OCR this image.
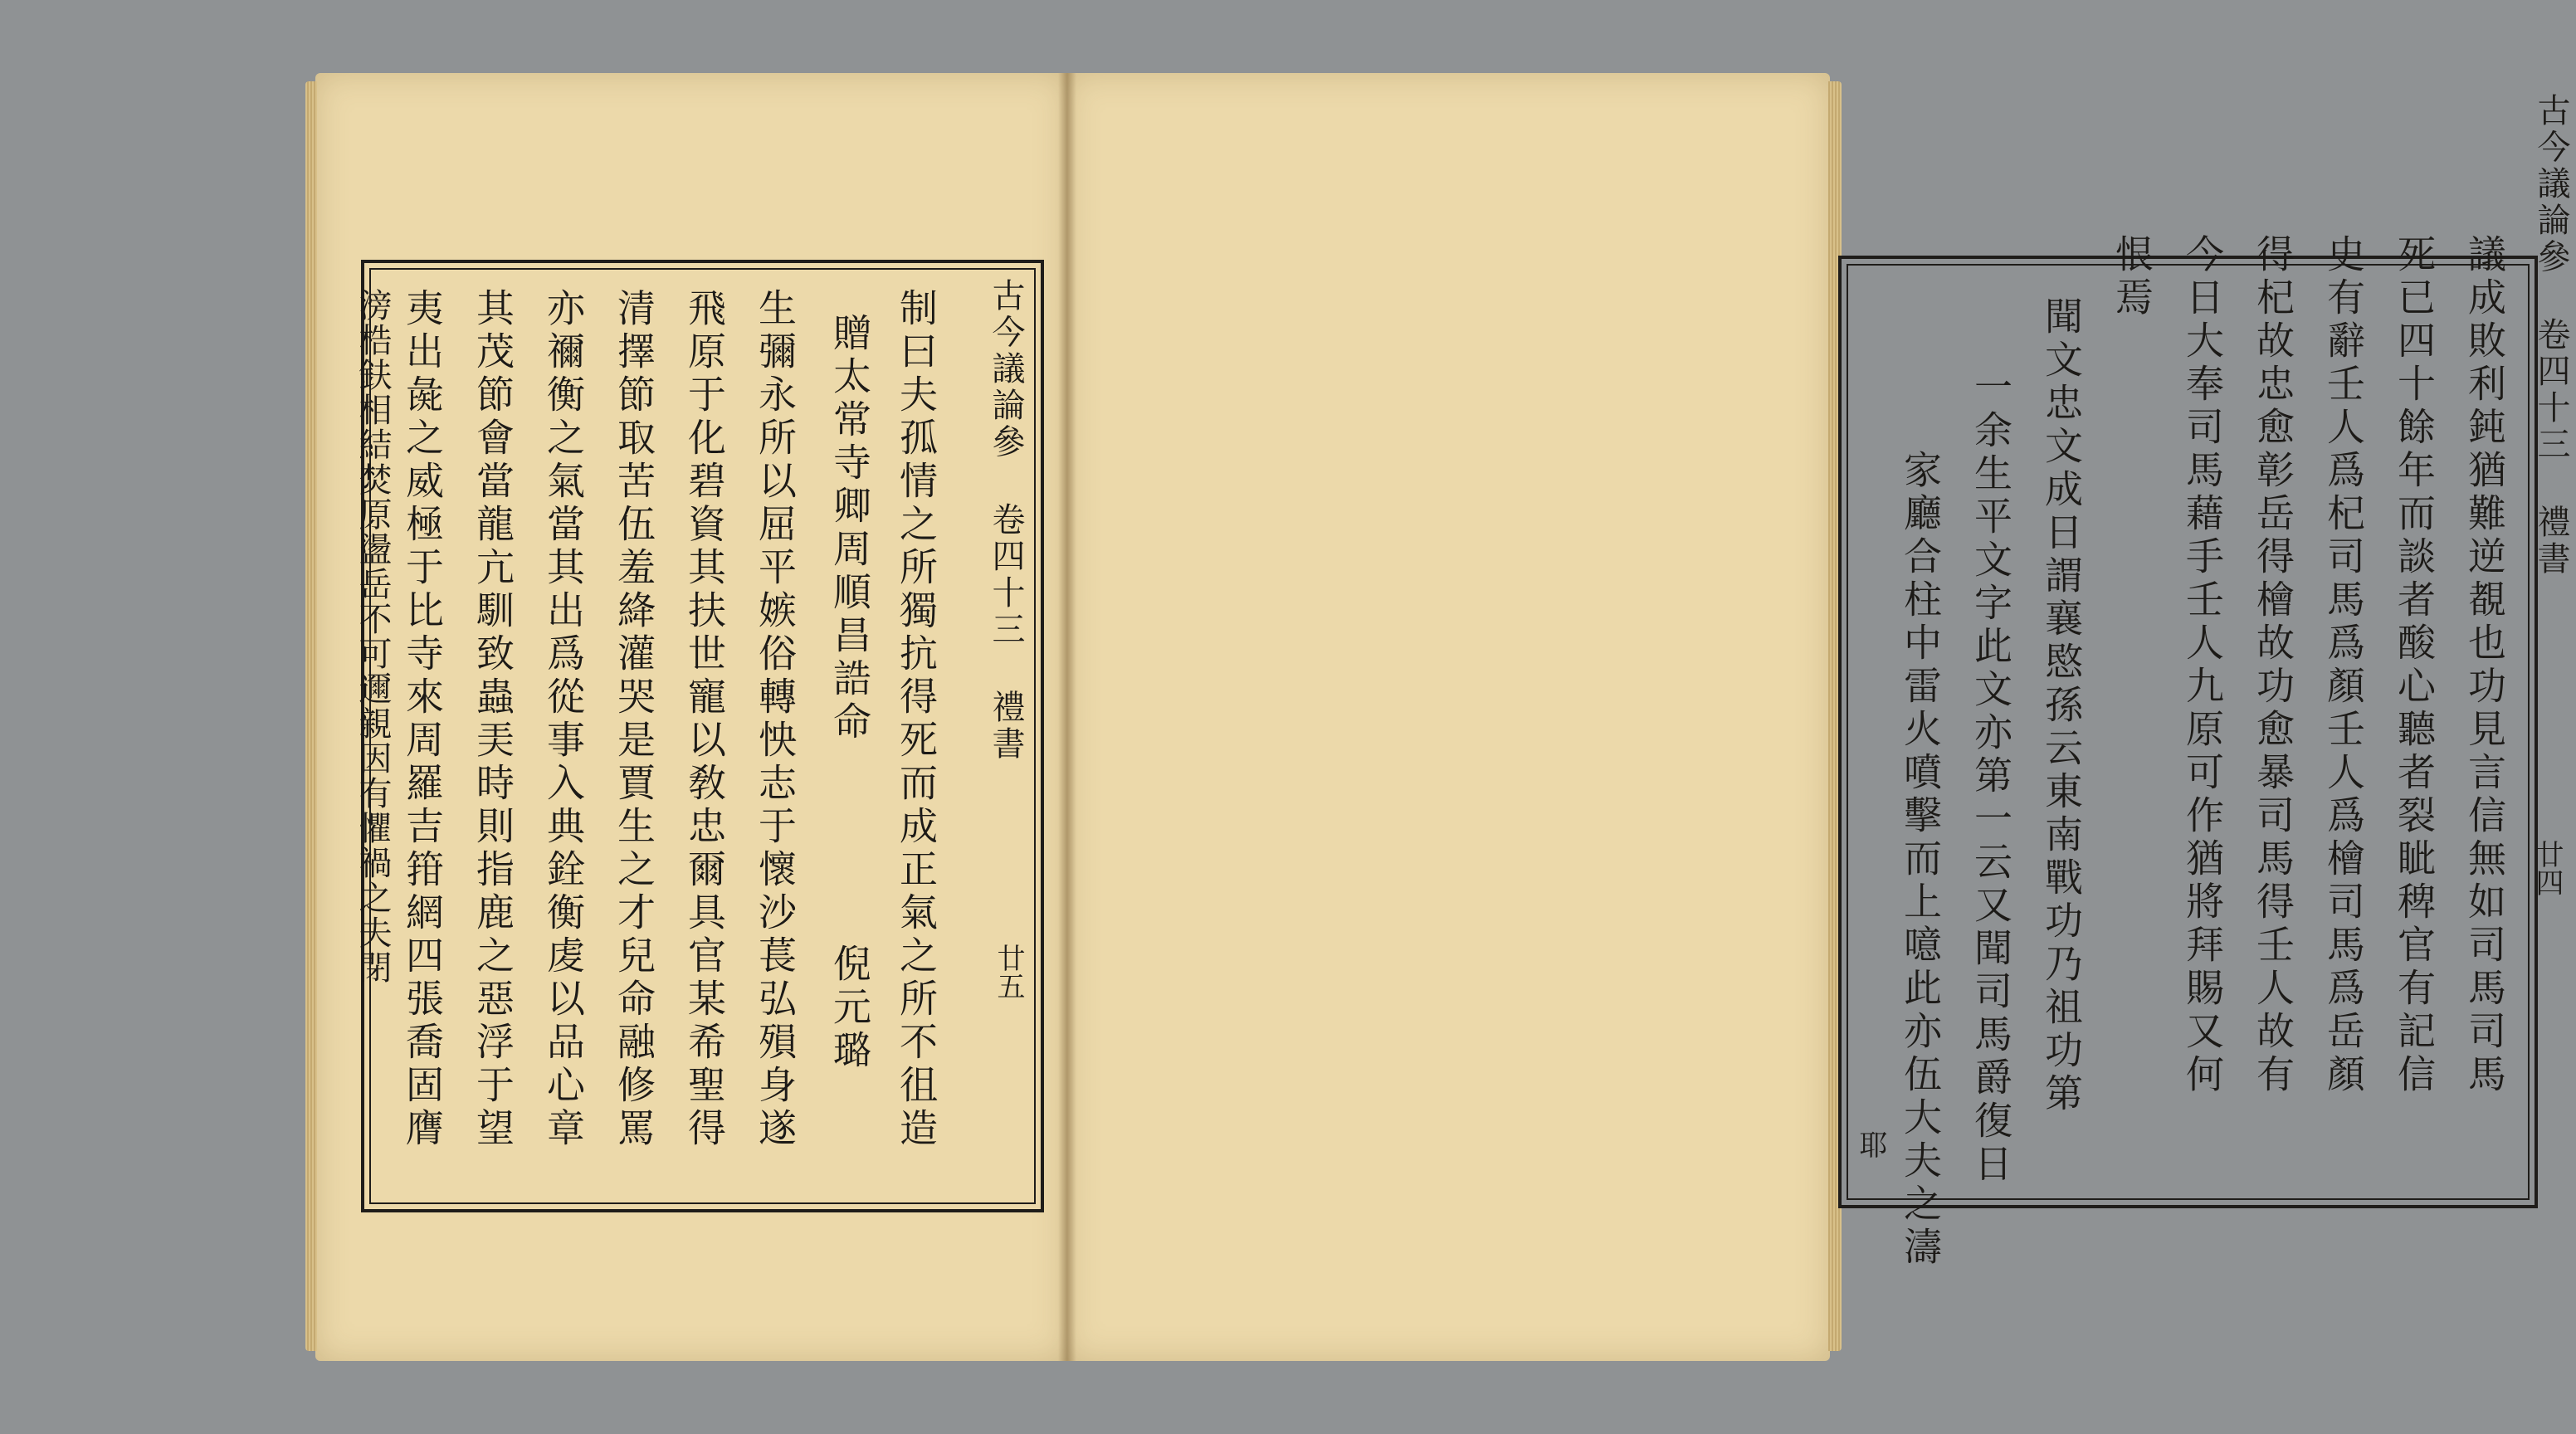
古今議論參 卷四十三 禮書
廿五
制曰夫孤情之所獨抗得死而成正氣之所不徂造
贈太常寺卿周順昌誥命
倪元璐
生彌永所以屈平嫉俗轉怏志于懷沙萇弘殞身遂
飛原于化碧資其扶世寵以敎忠爾具官某希聖得
清擇節取苦伍羞絳灌哭是賈生之才兒命融修罵
亦禰衡之氣當其出爲從事入典銓衡䖍以品心章
其茂節會當龍亢馴致蟲㺯時則指鹿之惡浮于望
夷出彘之威極于比寺來周羅吉箝網四張喬固膺
滂梏鈇相結焚原盪岳不可邇親因有懼禍之夫閉	古今議論參 卷四十三 禮書
廿四
議成敗利鈍猶難逆覩也功見言信無如司馬司馬
死已四十餘年而談者酸心聽者裂眦稗官有記信
史有辭壬人爲杞司馬爲顏壬人爲檜司馬爲岳顏
得杞故忠愈彰岳得檜故功愈暴司馬得壬人故有
今日大奉司馬藉手壬人九原可作猶將拜賜又何
恨焉
聞文忠文成日謂襄愍孫云東南戰功乃祖功第
一余生平文字此文亦第一云又聞司馬爵復日
家廳合柱中雷火噴擊而上噫此亦伍大夫之濤
耶
